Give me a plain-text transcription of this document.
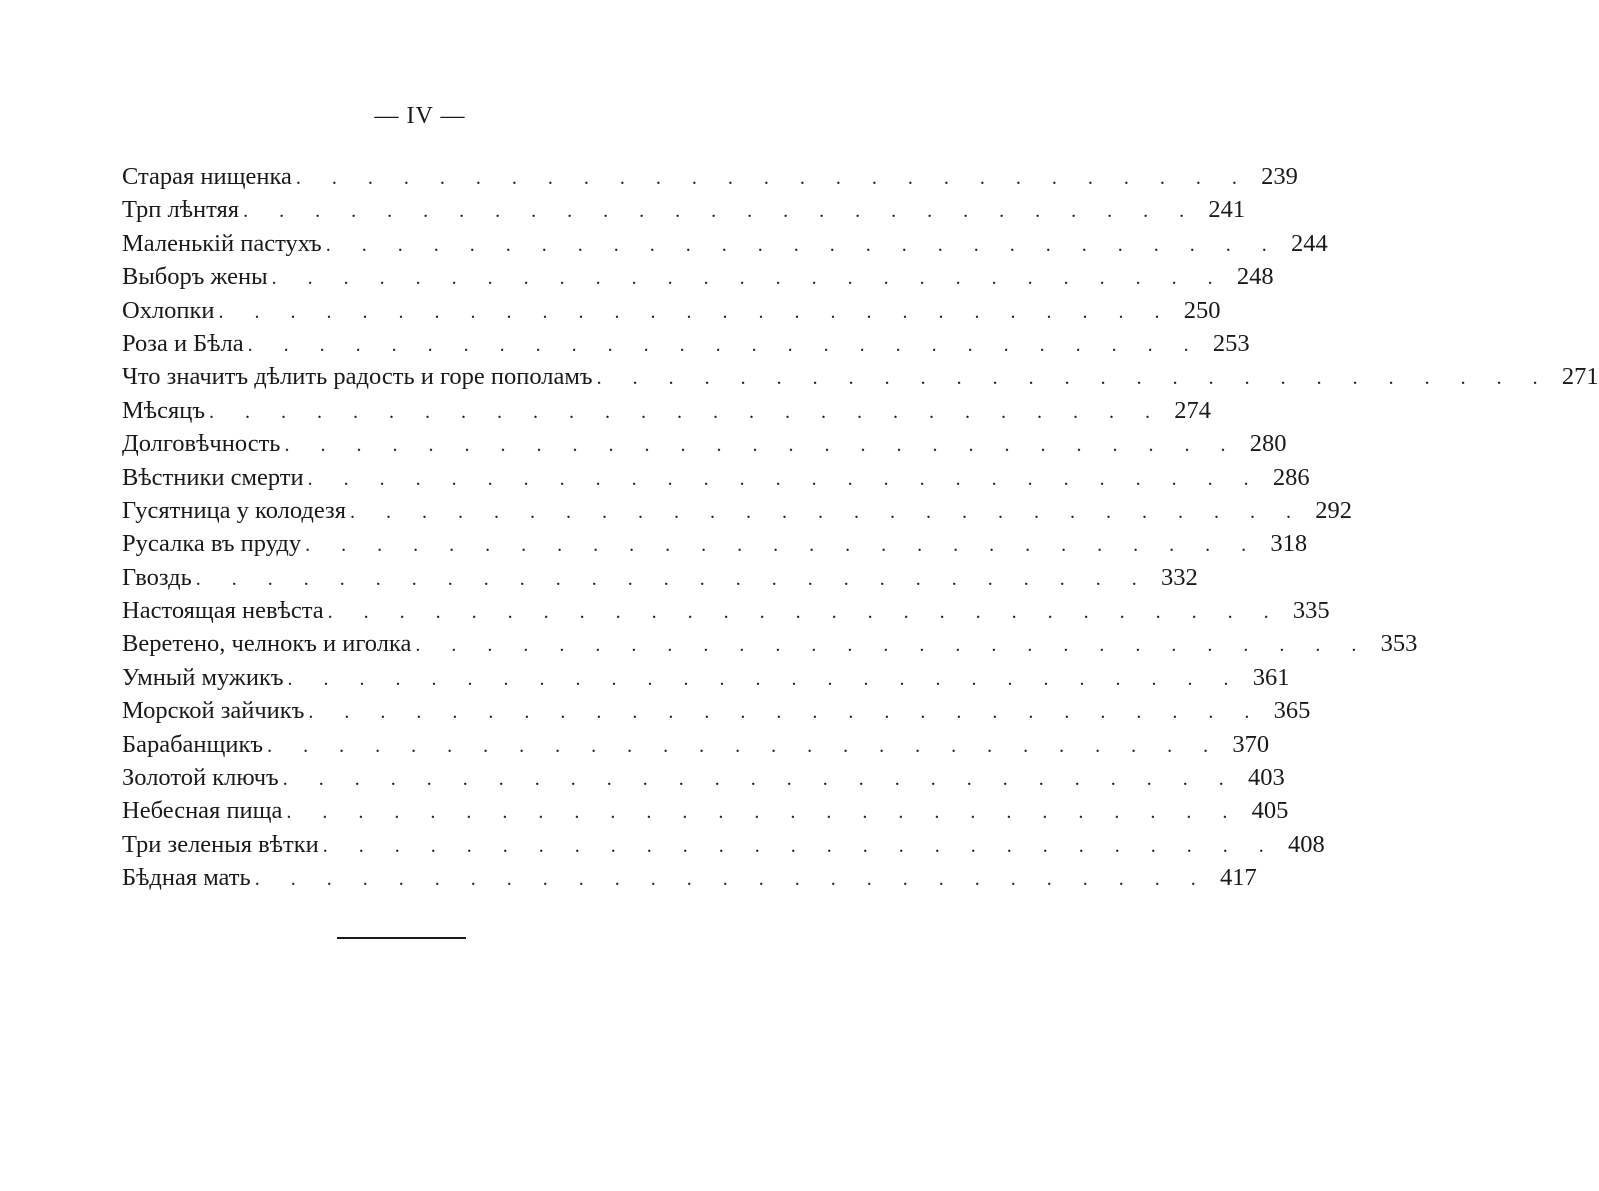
— IV —
Старая нищенка . . . . . . . . . . . . . . . . . . . . . . . . . . . 239
Трп лѣнтяя . . . . . . . . . . . . . . . . . . . . . . . . . . . 241
Маленькій пастухъ . . . . . . . . . . . . . . . . . . . . . . . . . . . 244
Выборъ жены . . . . . . . . . . . . . . . . . . . . . . . . . . . 248
Охлопки . . . . . . . . . . . . . . . . . . . . . . . . . . . 250
Роза и Бѣла . . . . . . . . . . . . . . . . . . . . . . . . . . . 253
Что значитъ дѣлить радость и горе пополамъ . . . . . . . . . . . . . . . . . . . . . . . . . . . 271
Мѣсяцъ . . . . . . . . . . . . . . . . . . . . . . . . . . . 274
Долговѣчность . . . . . . . . . . . . . . . . . . . . . . . . . . . 280
Вѣстники смерти . . . . . . . . . . . . . . . . . . . . . . . . . . . 286
Гусятница у колодезя . . . . . . . . . . . . . . . . . . . . . . . . . . . 292
Русалка въ пруду . . . . . . . . . . . . . . . . . . . . . . . . . . . 318
Гвоздь . . . . . . . . . . . . . . . . . . . . . . . . . . . 332
Настоящая невѣста . . . . . . . . . . . . . . . . . . . . . . . . . . . 335
Веретено, челнокъ и иголка . . . . . . . . . . . . . . . . . . . . . . . . . . . 353
Умный мужикъ . . . . . . . . . . . . . . . . . . . . . . . . . . . 361
Морской зайчикъ . . . . . . . . . . . . . . . . . . . . . . . . . . . 365
Барабанщикъ . . . . . . . . . . . . . . . . . . . . . . . . . . . 370
Золотой ключъ . . . . . . . . . . . . . . . . . . . . . . . . . . . 403
Небесная пища . . . . . . . . . . . . . . . . . . . . . . . . . . . 405
Три зеленыя вѣтки . . . . . . . . . . . . . . . . . . . . . . . . . . . 408
Бѣдная мать . . . . . . . . . . . . . . . . . . . . . . . . . . . 417
